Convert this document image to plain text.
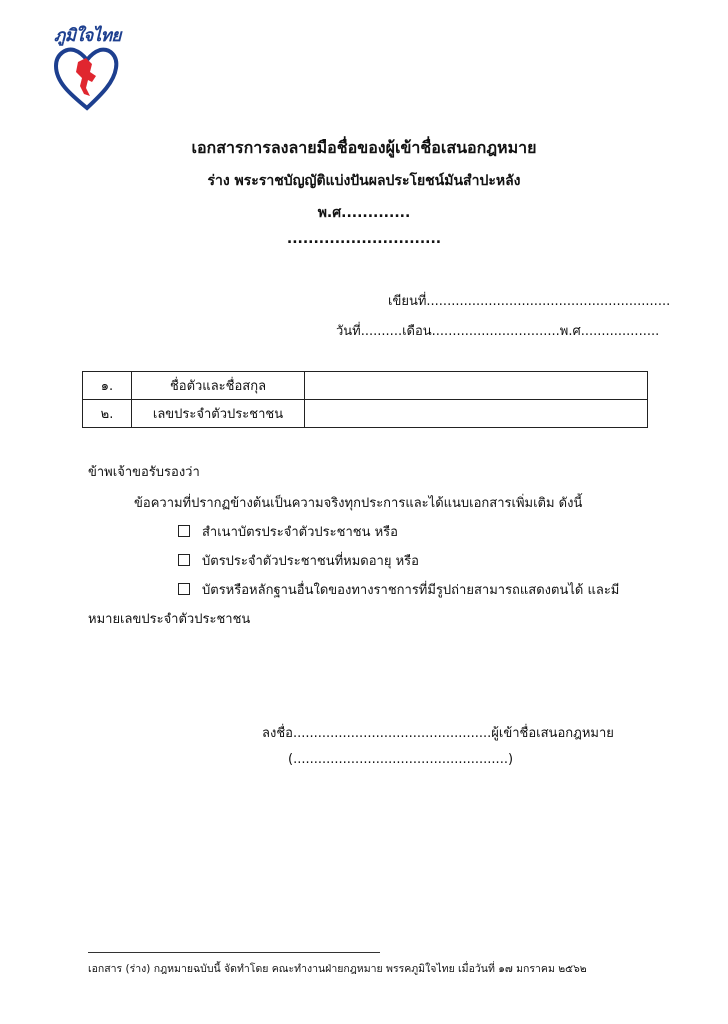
ภูมิใจไทย
เอกสารการลงลายมือชื่อของผู้เข้าชื่อเสนอกฎหมาย
ร่าง พระราชบัญญัติแบ่งปันผลประโยชน์มันสำปะหลัง
พ.ศ.............
.............................
เขียนที่...........................................................
วันที่..........เดือน...............................พ.ศ...................
๑.	ชื่อตัวและชื่อสกุล	
๒.	เลขประจำตัวประชาชน	
ข้าพเจ้าขอรับรองว่า
ข้อความที่ปรากฏข้างต้นเป็นความจริงทุกประการและได้แนบเอกสารเพิ่มเติม ดังนี้
สำเนาบัตรประจำตัวประชาชน หรือ
บัตรประจำตัวประชาชนที่หมดอายุ หรือ
บัตรหรือหลักฐานอื่นใดของทางราชการที่มีรูปถ่ายสามารถแสดงตนได้ และมี
หมายเลขประจำตัวประชาชน
ลงชื่อ................................................ผู้เข้าชื่อเสนอกฎหมาย
(....................................................)
เอกสาร (ร่าง) กฎหมายฉบับนี้ จัดทำโดย คณะทำงานฝ่ายกฎหมาย พรรคภูมิใจไทย เมื่อวันที่ ๑๗ มกราคม ๒๕๖๒
